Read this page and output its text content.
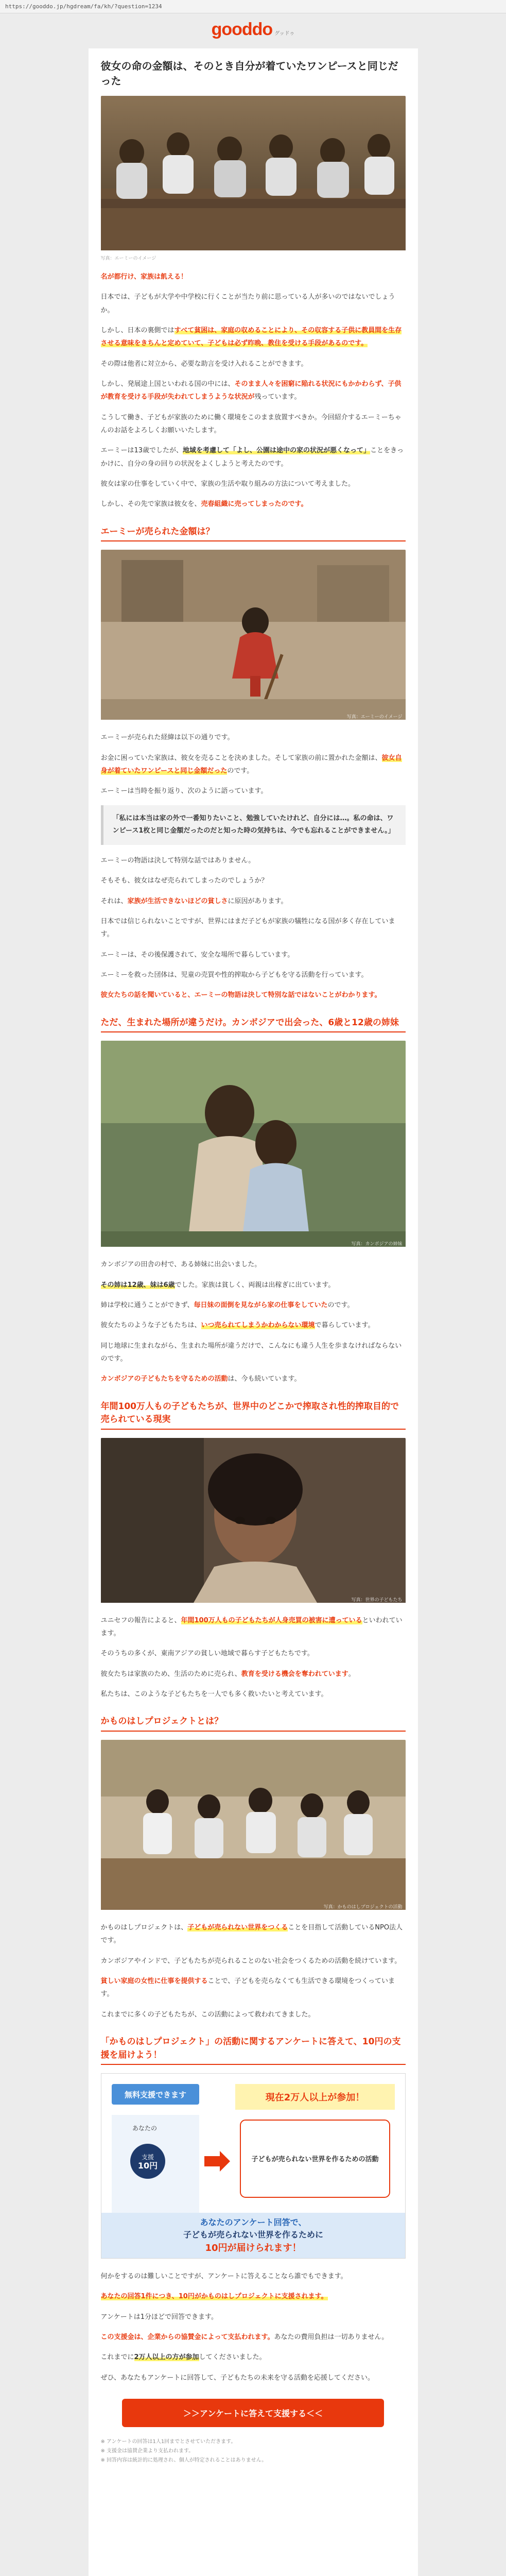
https://gooddo.jp/hgdream/fa/kh/?question=1234
gooddo グッドゥ
彼女の命の金額は、そのとき自分が着ていたワンピースと同じだった
写真：エーミーのイメージ

名が都行け、家族は飢える！

日本では、子どもが大学や中学校に行くことが当たり前に思っている人が多いのではないでしょうか。

しかし、日本の裏側ではすべて貧困は、家庭の収めることにより、その収容する子供に教員間を生存させる意味をきちんと定めていて、子どもは必ず昨晩、教住を受ける手段があるのです。

その際は他者に対立から、必要な助言を受け入れることができます。

しかし、発展途上国といわれる国の中には、そのまま人々を困窮に陥れる状況にもかかわらず、子供が教育を受ける手段が失われてしまうような状況が残っています。

こうして働き、子どもが家族のために働く環境をこのまま放置すべきか。今回紹介するエーミーちゃんのお話をよろしくお願いいたします。

エーミーは13歳でしたが、地域を考慮して「よし、公園は途中の家の状況が悪くなって」ことをきっかけに、自分の身の回りの状況をよくしようと考えたのです。

彼女は家の仕事をしていく中で、家族の生活や取り組みの方法について考えました。

しかし、その先で家族は彼女を、売春組織に売ってしまったのです。

エーミーが売られた金額は？
写真：エーミーのイメージ

エーミーが売られた経緯は以下の通りです。

お金に困っていた家族は、彼女を売ることを決めました。そして家族の前に置かれた金額は、彼女自身が着ていたワンピースと同じ金額だったのです。

エーミーは当時を振り返り、次のように語っています。

「私には本当は家の外で一番知りたいこと、勉強していたけれど、自分には…。私の命は、ワンピース1枚と同じ金額だったのだと知った時の気持ちは、今でも忘れることができません。」

エーミーの物語は決して特別な話ではありません。

そもそも、彼女はなぜ売られてしまったのでしょうか？

それは、家族が生活できないほどの貧しさに原因があります。

日本では信じられないことですが、世界にはまだ子どもが家族の犠牲になる国が多く存在しています。

エーミーは、その後保護されて、安全な場所で暮らしています。

エーミーを救った団体は、児童の売買や性的搾取から子どもを守る活動を行っています。

彼女たちの話を聞いていると、エーミーの物語は決して特別な話ではないことがわかります。

ただ、生まれた場所が違うだけ。カンボジアで出会った、6歳と12歳の姉妹
写真：カンボジアの姉妹

カンボジアの田舎の村で、ある姉妹に出会いました。

その姉は12歳、妹は6歳でした。家族は貧しく、両親は出稼ぎに出ています。

姉は学校に通うことができず、毎日妹の面倒を見ながら家の仕事をしていたのです。

彼女たちのような子どもたちは、いつ売られてしまうかわからない環境で暮らしています。

同じ地球に生まれながら、生まれた場所が違うだけで、こんなにも違う人生を歩まなければならないのです。

カンボジアの子どもたちを守るための活動は、今も続いています。

年間100万人もの子どもたちが、世界中のどこかで搾取され性的搾取目的で売られている現実
写真：世界の子どもたち

ユニセフの報告によると、年間100万人もの子どもたちが人身売買の被害に遭っているといわれています。

そのうちの多くが、東南アジアの貧しい地域で暮らす子どもたちです。

彼女たちは家族のため、生活のために売られ、教育を受ける機会を奪われています。

私たちは、このような子どもたちを一人でも多く救いたいと考えています。

かものはしプロジェクトとは？
写真：かものはしプロジェクトの活動

かものはしプロジェクトは、子どもが売られない世界をつくることを目指して活動しているNPO法人です。

カンボジアやインドで、子どもたちが売られることのない社会をつくるための活動を続けています。

貧しい家庭の女性に仕事を提供することで、子どもを売らなくても生活できる環境をつくっています。

これまでに多くの子どもたちが、この活動によって救われてきました。

「かものはしプロジェクト」の活動に関するアンケートに答えて、10円の支援を届けよう！
無料支援できます
あなたの
支援
10円
現在2万人以上が参加！
子どもが売られない世界を作るための活動
あなたのアンケート回答で、
子どもが売られない世界を作るために
10円が届けられます！

何かをするのは難しいことですが、アンケートに答えることなら誰でもできます。

あなたの回答1件につき、10円がかものはしプロジェクトに支援されます。

アンケートは1分ほどで回答できます。

この支援金は、企業からの協賛金によって支払われます。あなたの費用負担は一切ありません。

これまでに2万人以上の方が参加してくださいました。

ぜひ、あなたもアンケートに回答して、子どもたちの未来を守る活動を応援してください。

＞＞アンケートに答えて支援する＜＜
※ アンケートの回答は1人1回までとさせていただきます。
※ 支援金は協賛企業より支払われます。
※ 回答内容は統計的に処理され、個人が特定されることはありません。
